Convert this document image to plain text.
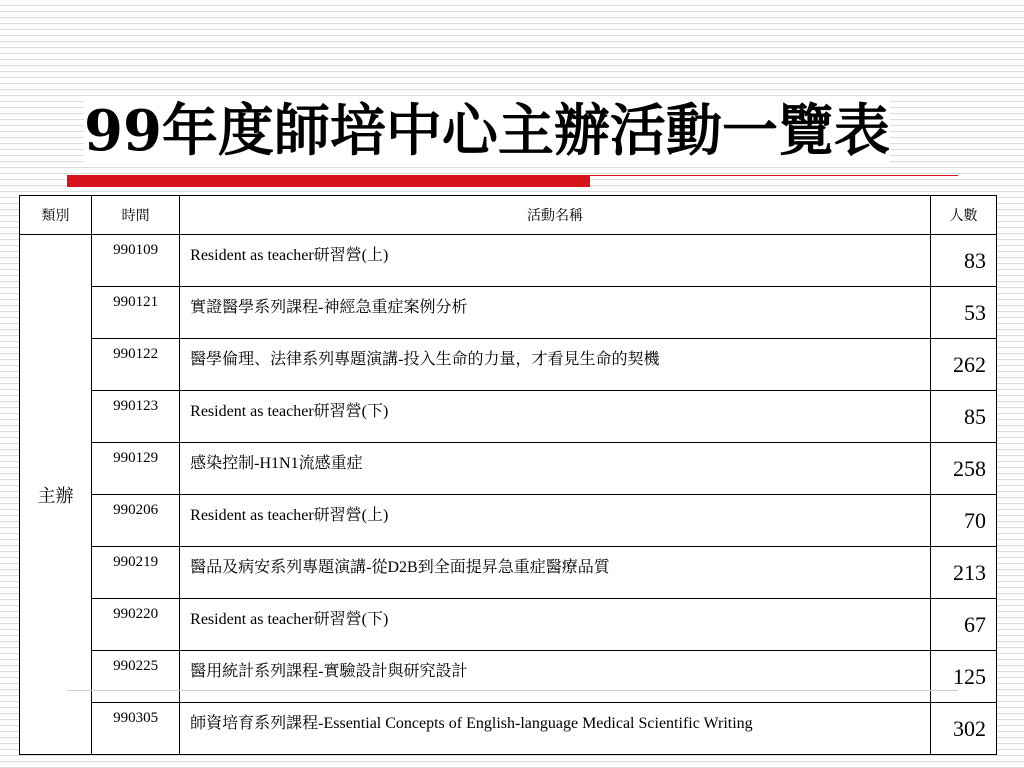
99年度師培中心主辦活動一覽表
類別	時間	活動名稱	人數
主辦	990109	Resident as teacher研習營(上)	83
	990121	實證醫學系列課程-神經急重症案例分析	53
	990122	醫學倫理、法律系列專題演講-投入生命的力量，才看見生命的契機	262
	990123	Resident as teacher研習營(下)	85
	990129	感染控制-H1N1流感重症	258
	990206	Resident as teacher研習營(上)	70
	990219	醫品及病安系列專題演講-從D2B到全面提昇急重症醫療品質	213
	990220	Resident as teacher研習營(下)	67
	990225	醫用統計系列課程-實驗設計與研究設計	125
	990305	師資培育系列課程-Essential Concepts of English-language Medical Scientific Writing	302
